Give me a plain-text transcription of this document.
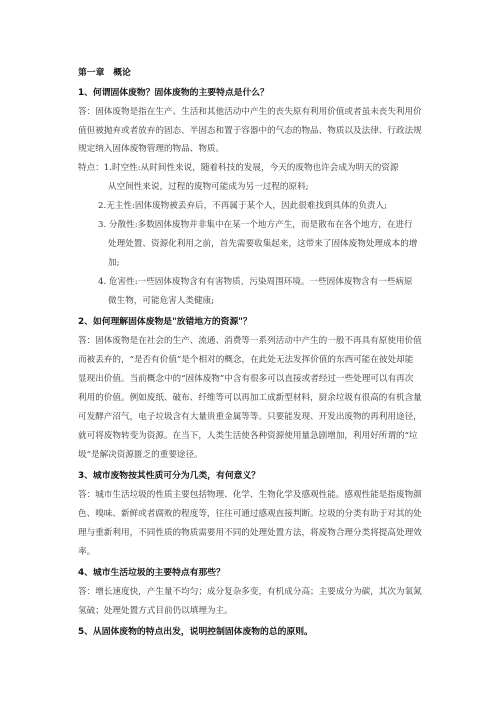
第一章　概论
1、何谓固体废物？固体废物的主要特点是什么？
答：固体废物是指在生产、生活和其他活动中产生的丧失原有利用价值或者虽未丧失利用价
值但被抛弃或者放弃的固态、半固态和置于容器中的气态的物品、物质以及法律、行政法规
规定纳入固体废物管理的物品、物质。
特点：1.时空性:从时间性来说，随着科技的发展，今天的废物也许会成为明天的资源
从空间性来说，过程的废物可能成为另一过程的原料;
2.无主性:固体废物被丢弃后，不再属于某个人，因此很难找到具体的负责人;
3. 分散性:多数固体废物并非集中在某一个地方产生，而是散布在各个地方，在进行
处理处置、资源化利用之前，首先需要收集起来，这带来了固体废物处理成本的增
加;
4. 危害性:一些固体废物含有有害物质，污染周围环境。一些固体废物含有一些病原
微生物，可能危害人类健康;
2、如何理解固体废物是"放错地方的资源"？
答：固体废物是在社会的生产、流通、消费等一系列活动中产生的一般不再具有原使用价值
而被丢弃的，“是否有价值”是个相对的概念，在此处无法发挥价值的东西可能在彼处却能
显现出价值。当前概念中的“固体废物”中含有很多可以直接或者经过一些处理可以有再次
利用的价值。例如废纸、破布、纤维等可以再加工成新型材料，厨余垃圾有很高的有机含量
可发酵产沼气，电子垃圾含有大量贵重金属等等。只要能发现、开发出废物的再利用途径，
就可将废物转变为资源。在当下，人类生活使各种资源使用量急剧增加，利用好所谓的“垃
圾”是解决资源匮乏的重要途径。
3、城市废物按其性质可分为几类，有何意义？
答：城市生活垃圾的性质主要包括物理、化学、生物化学及感观性能。感观性能是指废物颜
色、嗅味、新鲜或者腐败的程度等，往往可通过感观直接判断。垃圾的分类有助于对其的处
理与重新利用，不同性质的物质需要用不同的处理处置方法，将废物合理分类将提高处理效
率。
4、城市生活垃圾的主要特点有那些？
答：增长速度快，产生量不均匀；成分复杂多变，有机成分高；主要成分为碳，其次为氧氮
氢硫；处理处置方式目前仍以填埋为主。
5、从固体废物的特点出发，说明控制固体废物的总的原则。
